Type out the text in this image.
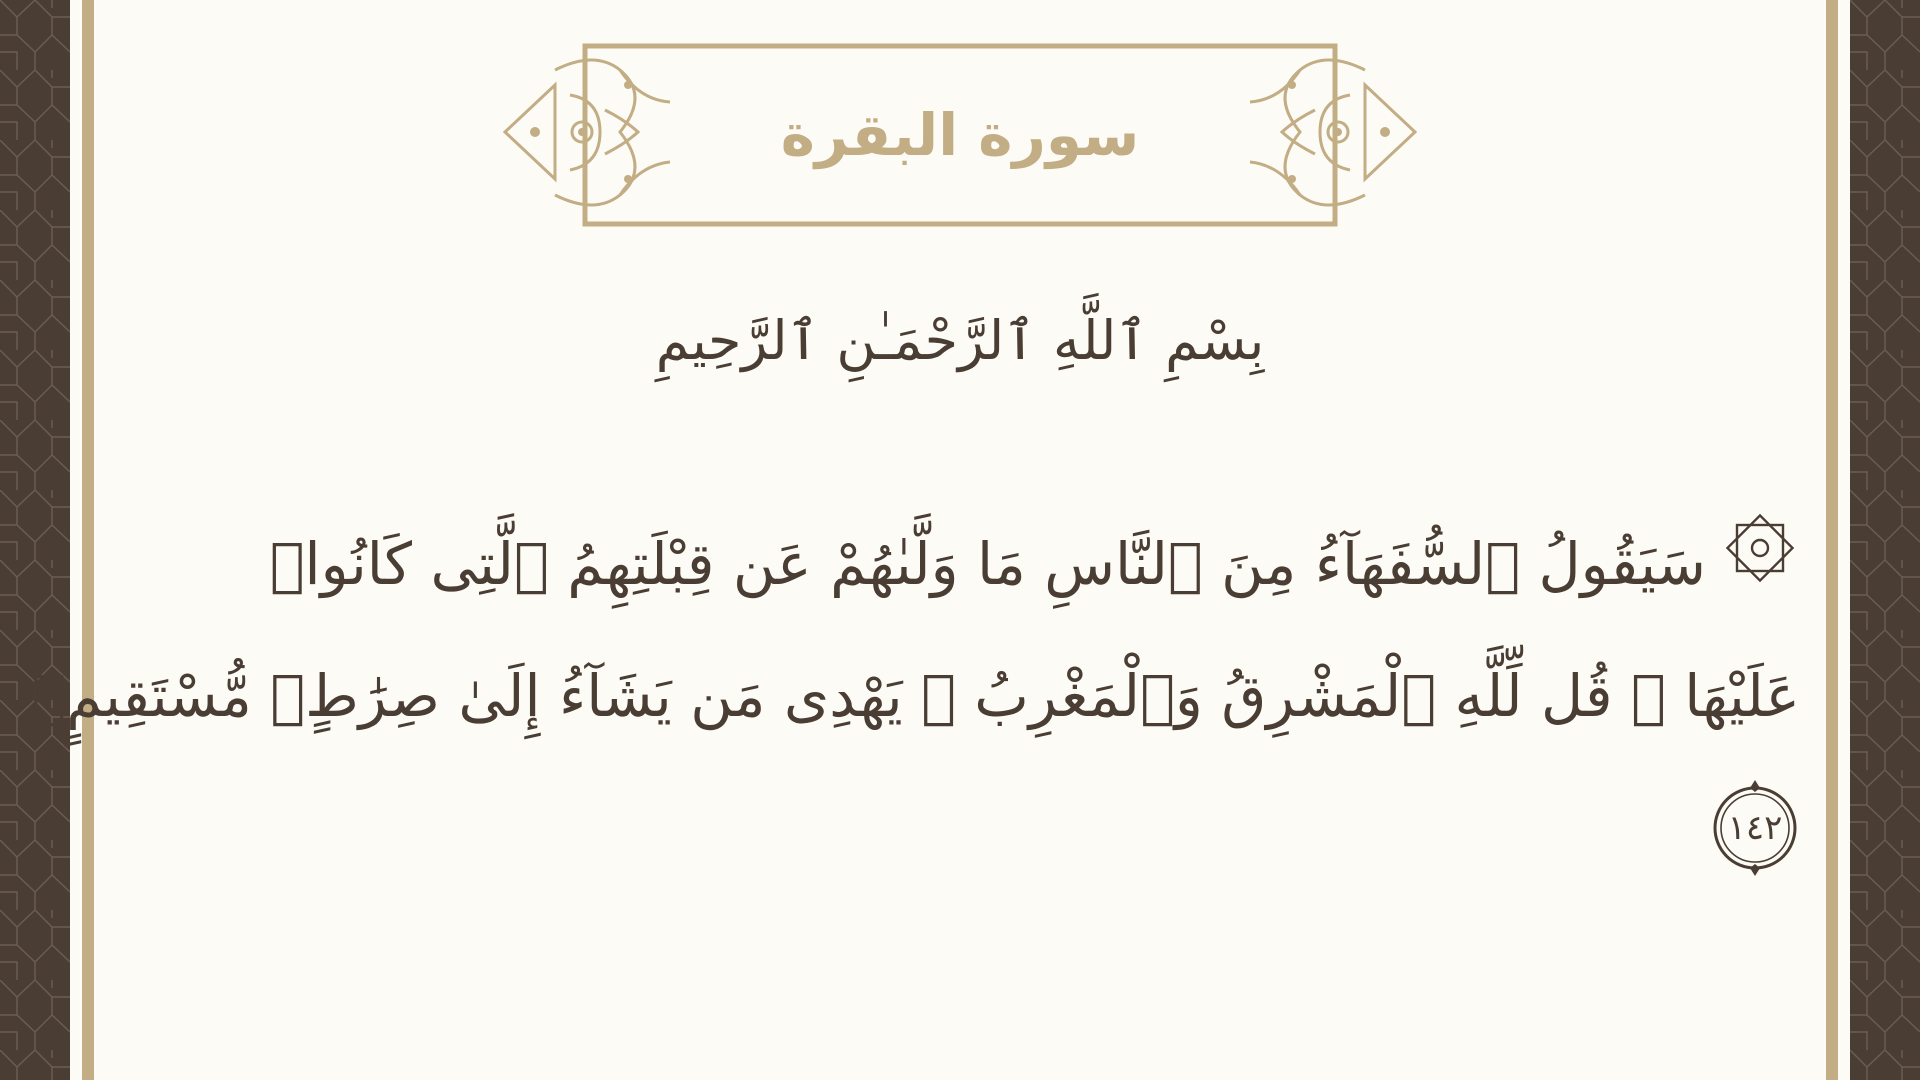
سورة البقرة
بِسْمِ ٱللَّهِ ٱلرَّحْمَـٰنِ ٱلرَّحِيمِ
سَيَقُولُ ٱلسُّفَهَآءُ مِنَ ٱلنَّاسِ مَا وَلَّىٰهُمْ عَن قِبْلَتِهِمُ ٱلَّتِى كَانُوا۟
عَلَيْهَا ۚ قُل لِّلَّهِ ٱلْمَشْرِقُ وَٱلْمَغْرِبُ ۚ يَهْدِى مَن يَشَآءُ إِلَىٰ صِرَٰطٍۢ مُّسْتَقِيمٍۢ
١٤٢
